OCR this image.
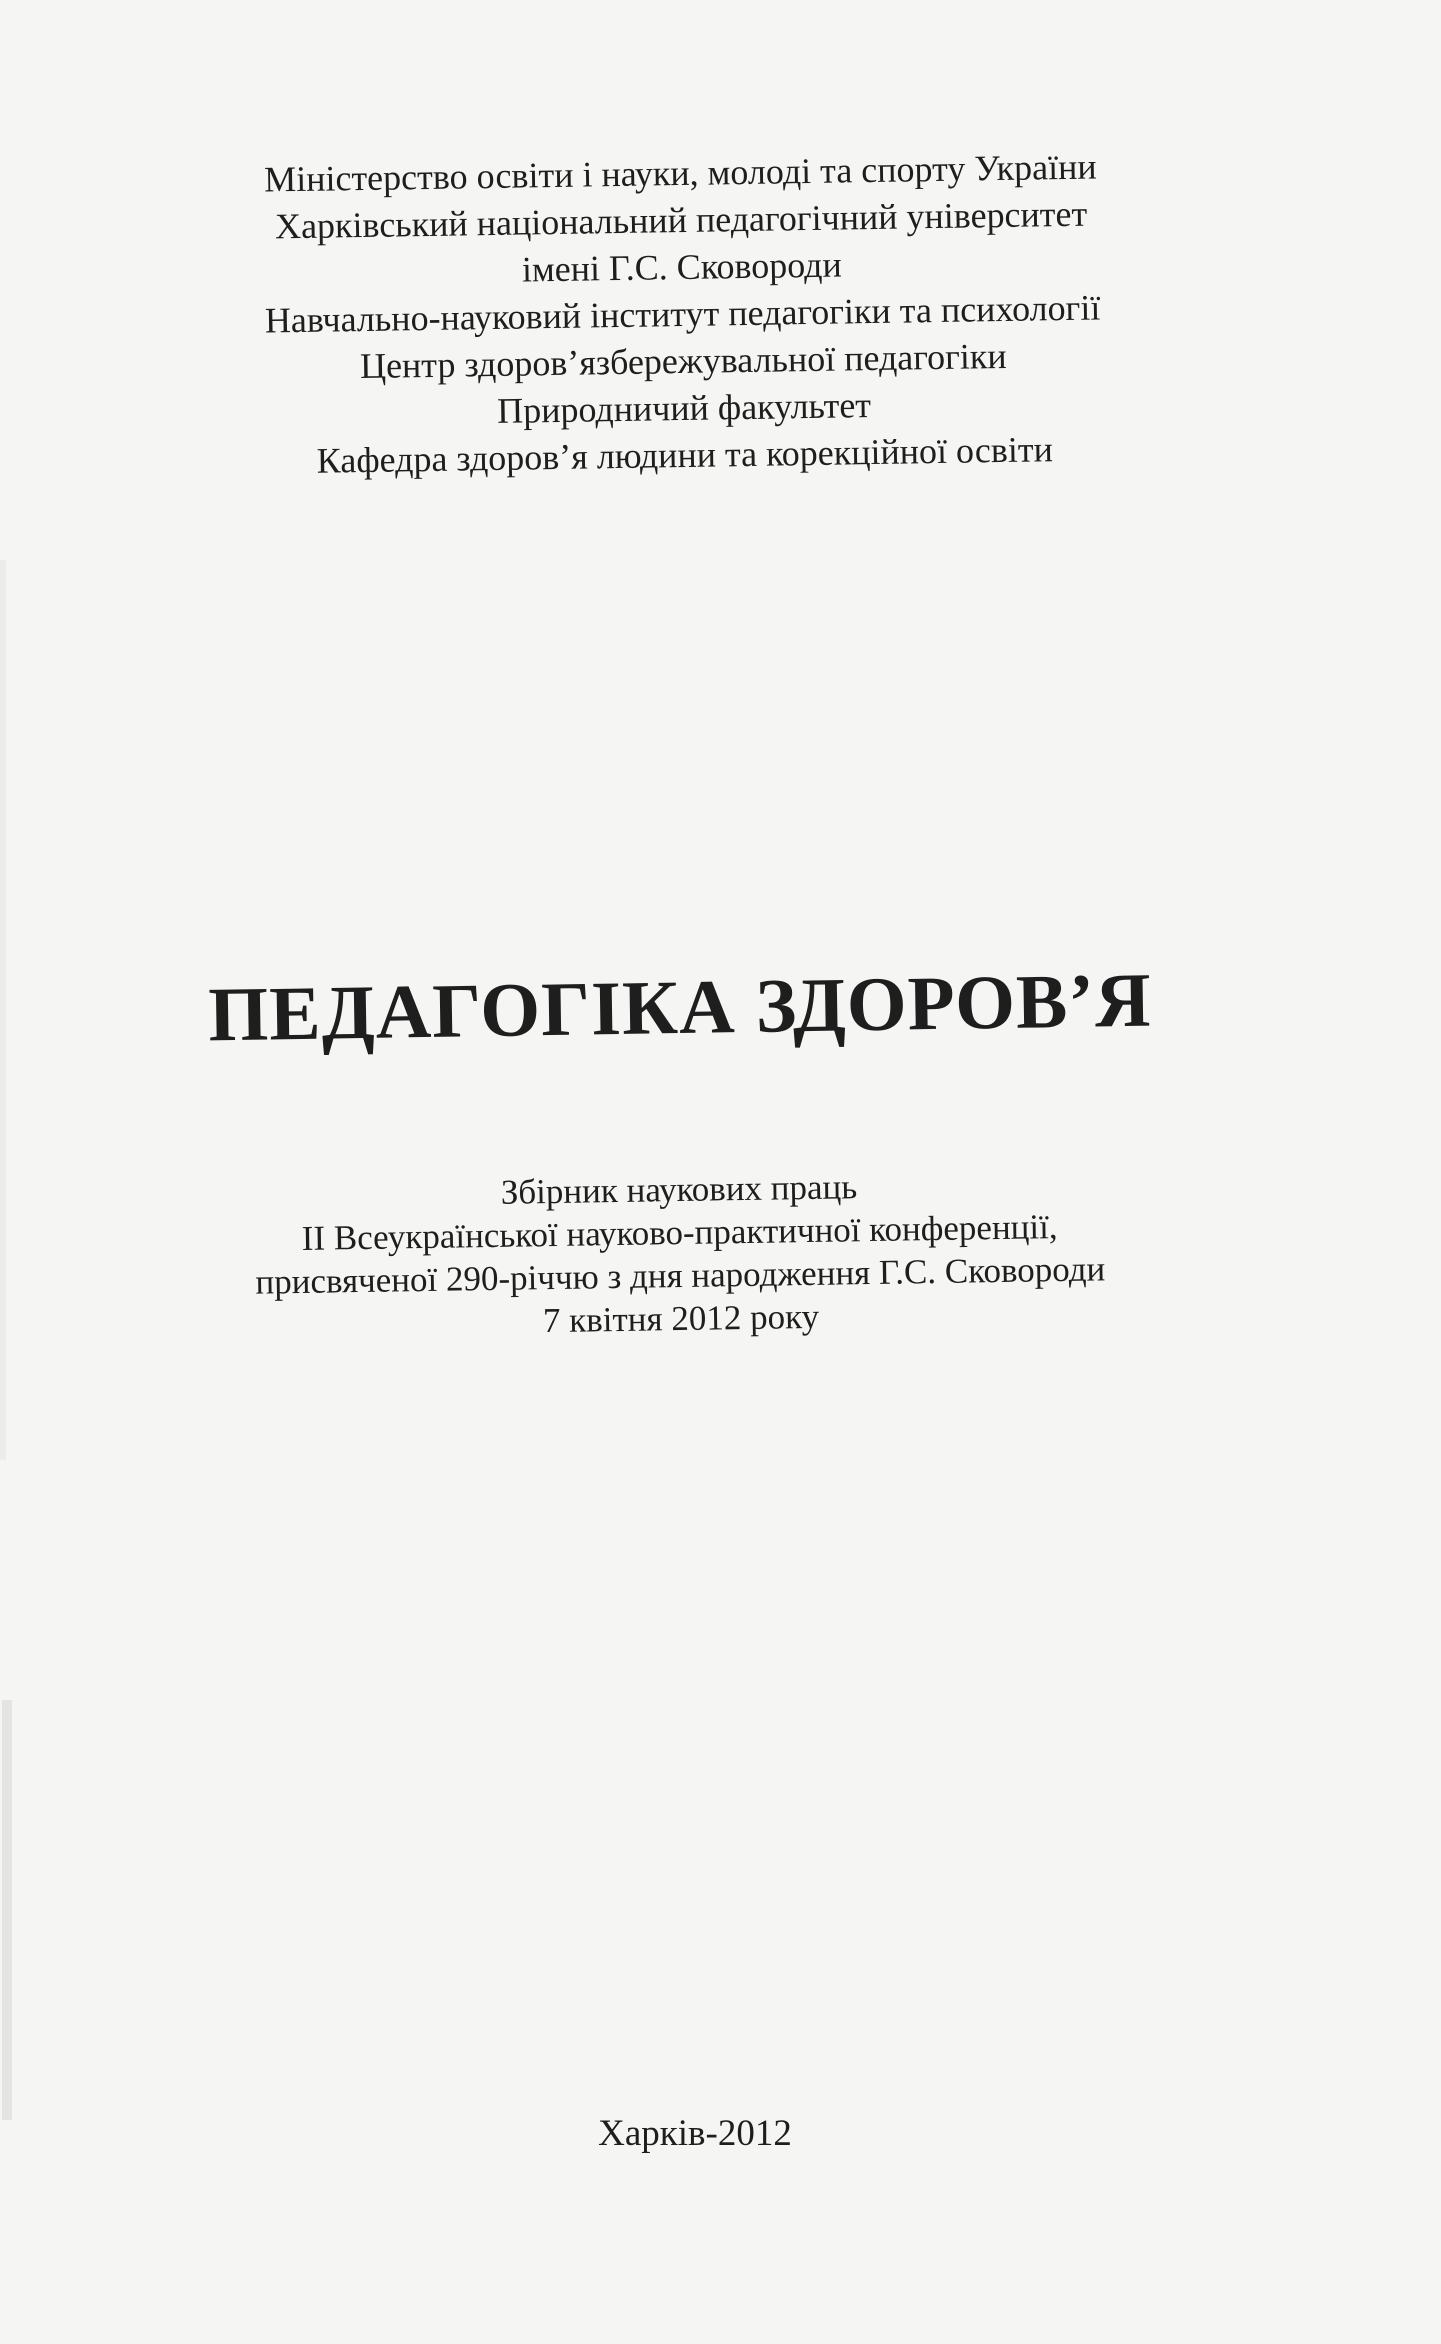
Міністерство освіти і науки, молоді та спорту України
Харківський національний педагогічний університет
імені Г.С. Сковороди
Навчально-науковий інститут педагогіки та психології
Центр здоров’язбережувальної педагогіки
Природничий факультет
Кафедра здоров’я людини та корекційної освіти
ПЕДАГОГІКА ЗДОРОВ’Я
Збірник наукових праць
ІІ Всеукраїнської науково-практичної конференції,
присвяченої 290-річчю з дня народження Г.С. Сковороди
7 квітня 2012 року
Харків-2012
